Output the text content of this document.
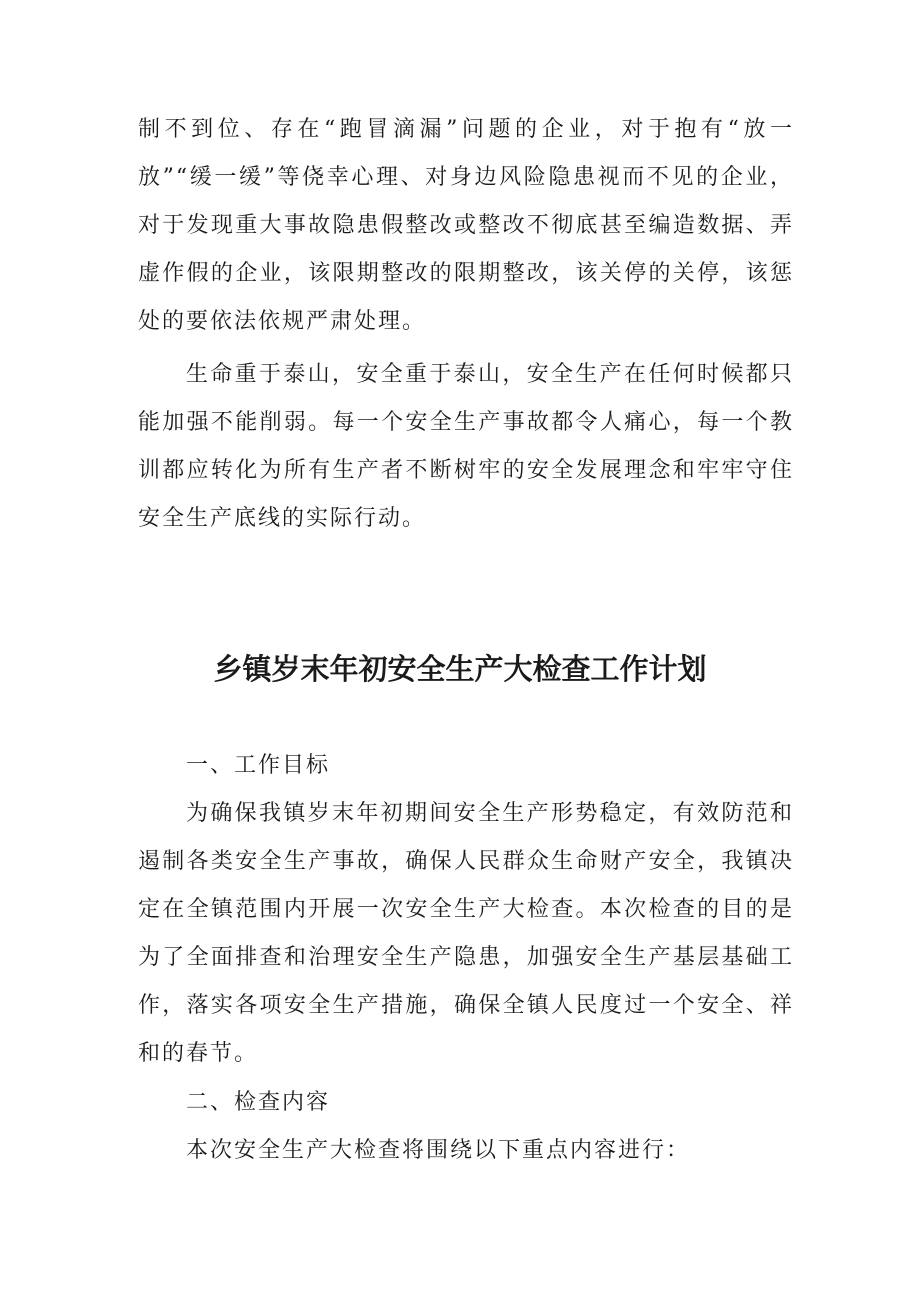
制不到位、存在“跑冒滴漏”问题的企业，对于抱有“放一放”“缓一缓”等侥幸心理、对身边风险隐患视而不见的企业，对于发现重大事故隐患假整改或整改不彻底甚至编造数据、弄虚作假的企业，该限期整改的限期整改，该关停的关停，该惩处的要依法依规严肃处理。

生命重于泰山，安全重于泰山，安全生产在任何时候都只能加强不能削弱。每一个安全生产事故都令人痛心，每一个教训都应转化为所有生产者不断树牢的安全发展理念和牢牢守住安全生产底线的实际行动。

乡镇岁末年初安全生产大检查工作计划

一、工作目标

为确保我镇岁末年初期间安全生产形势稳定，有效防范和遏制各类安全生产事故，确保人民群众生命财产安全，我镇决定在全镇范围内开展一次安全生产大检查。本次检查的目的是为了全面排查和治理安全生产隐患，加强安全生产基层基础工作，落实各项安全生产措施，确保全镇人民度过一个安全、祥和的春节。

二、检查内容

本次安全生产大检查将围绕以下重点内容进行：
